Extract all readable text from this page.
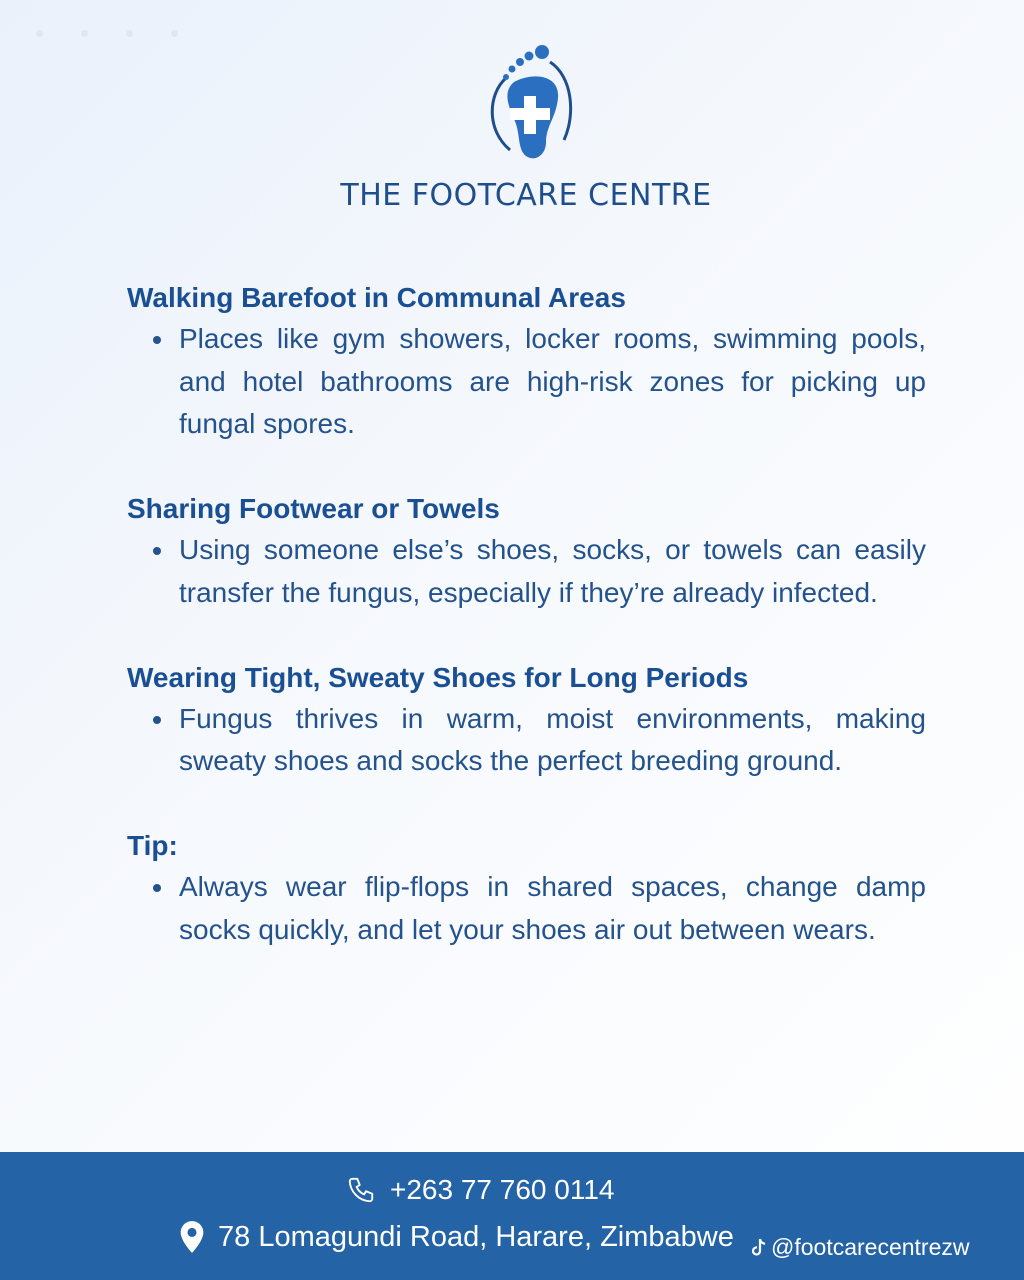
THE FOOTCARE CENTRE
Walking Barefoot in Communal Areas
Places like gym showers, locker rooms, swimming pools, and hotel bathrooms are high-risk zones for picking up fungal spores.
Sharing Footwear or Towels
Using someone else’s shoes, socks, or towels can easily transfer the fungus, especially if they’re already infected.
Wearing Tight, Sweaty Shoes for Long Periods
Fungus thrives in warm, moist environments, making sweaty shoes and socks the perfect breeding ground.
Tip:
Always wear flip-flops in shared spaces, change damp socks quickly, and let your shoes air out between wears.
+263 77 760 0114
78 Lomagundi Road, Harare, Zimbabwe @footcarecentrezw
